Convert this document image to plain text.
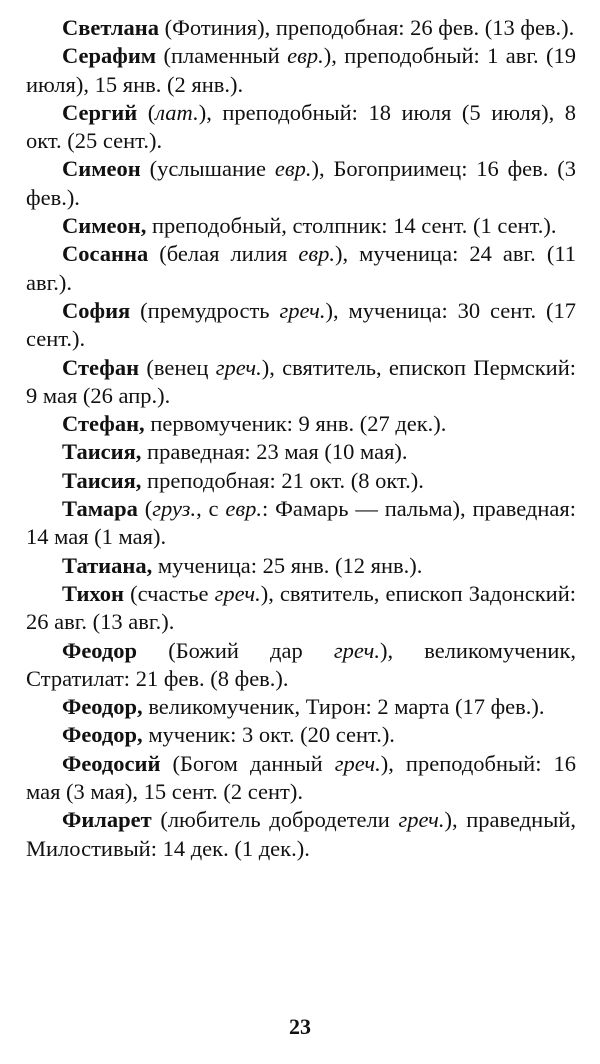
Светлана (Фотиния), преподобная: 26 фев. (13 фев.).

Серафим (пламенный евр.), преподобный: 1 авг. (19 июля), 15 янв. (2 янв.).

Сергий (лат.), преподобный: 18 июля (5 июля), 8 окт. (25 сент.).

Симеон (услышание евр.), Богоприимец: 16 фев. (3 фев.).

Симеон, преподобный, столпник: 14 сент. (1 сент.).

Сосанна (белая лилия евр.), мученица: 24 авг. (11 авг.).

София (премудрость греч.), мученица: 30 сент. (17 сент.).

Стефан (венец греч.), святитель, епископ Пермский: 9 мая (26 апр.).

Стефан, первомученик: 9 янв. (27 дек.).

Таисия, праведная: 23 мая (10 мая).

Таисия, преподобная: 21 окт. (8 окт.).

Тамара (груз., с евр.: Фамарь — пальма), праведная: 14 мая (1 мая).

Татиана, мученица: 25 янв. (12 янв.).

Тихон (счастье греч.), святитель, епископ Задонский: 26 авг. (13 авг.).

Феодор (Божий дар греч.), великомученик, Стратилат: 21 фев. (8 фев.).

Феодор, великомученик, Тирон: 2 марта (17 фев.).

Феодор, мученик: 3 окт. (20 сент.).

Феодосий (Богом данный греч.), преподобный: 16 мая (3 мая), 15 сент. (2 сент).

Филарет (любитель добродетели греч.), праведный, Милостивый: 14 дек. (1 дек.).

23
